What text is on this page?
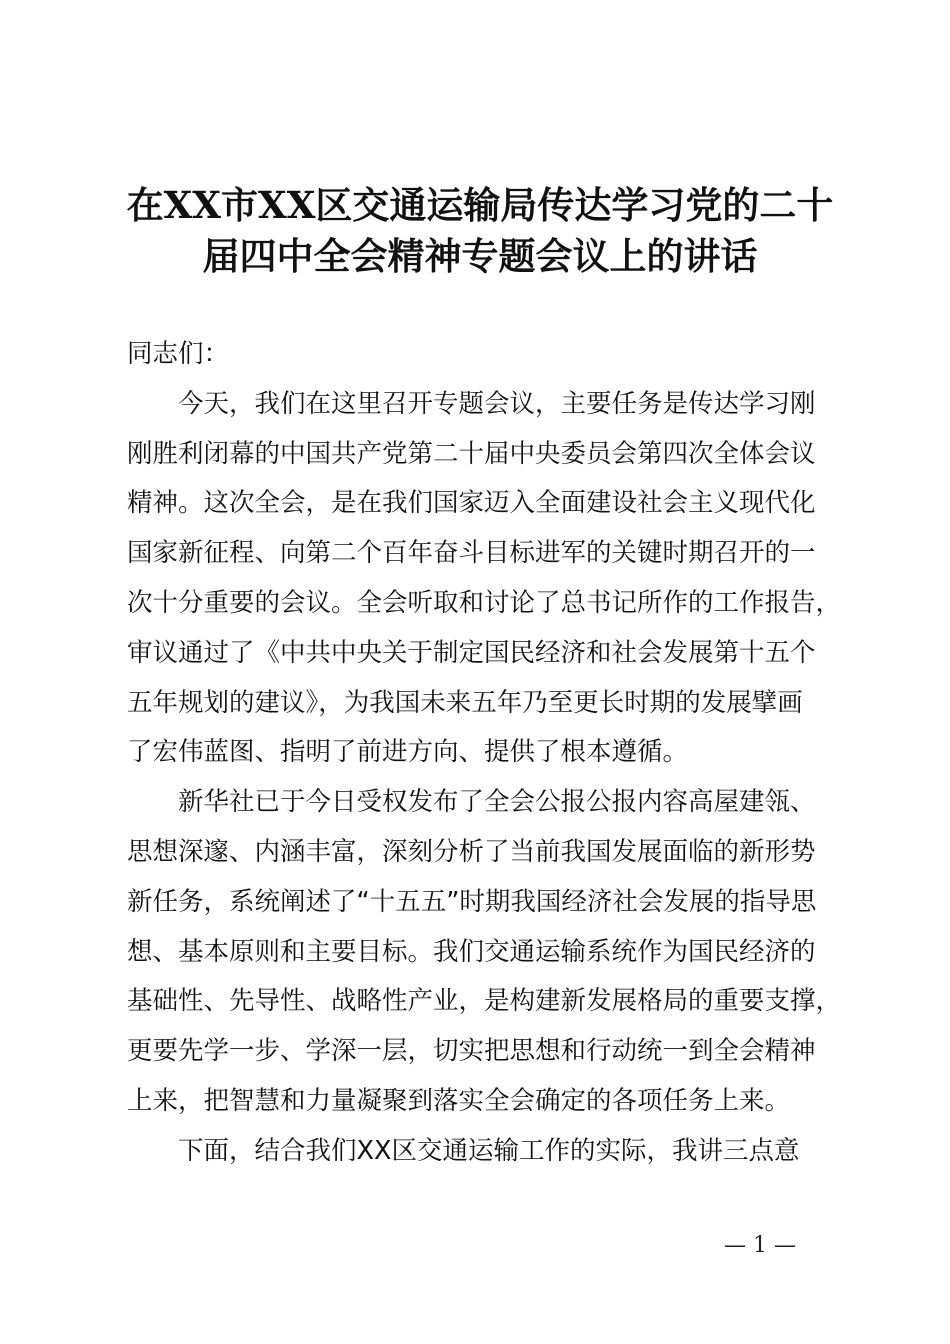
在XX市XX区交通运输局传达学习党的二十
届四中全会精神专题会议上的讲话

同志们：

今天，我们在这里召开专题会议，主要任务是传达学习刚
刚胜利闭幕的中国共产党第二十届中央委员会第四次全体会议
精神。这次全会，是在我们国家迈入全面建设社会主义现代化
国家新征程、向第二个百年奋斗目标进军的关键时期召开的一
次十分重要的会议。全会听取和讨论了总书记所作的工作报告，
审议通过了《中共中央关于制定国民经济和社会发展第十五个
五年规划的建议》，为我国未来五年乃至更长时期的发展擘画
了宏伟蓝图、指明了前进方向、提供了根本遵循。

新华社已于今日受权发布了全会公报公报内容高屋建瓴、
思想深邃、内涵丰富，深刻分析了当前我国发展面临的新形势
新任务，系统阐述了“十五五”时期我国经济社会发展的指导思
想、基本原则和主要目标。我们交通运输系统作为国民经济的
基础性、先导性、战略性产业，是构建新发展格局的重要支撑，
更要先学一步、学深一层，切实把思想和行动统一到全会精神
上来，把智慧和力量凝聚到落实全会确定的各项任务上来。

下面，结合我们XX区交通运输工作的实际，我讲三点意

— 1 —
